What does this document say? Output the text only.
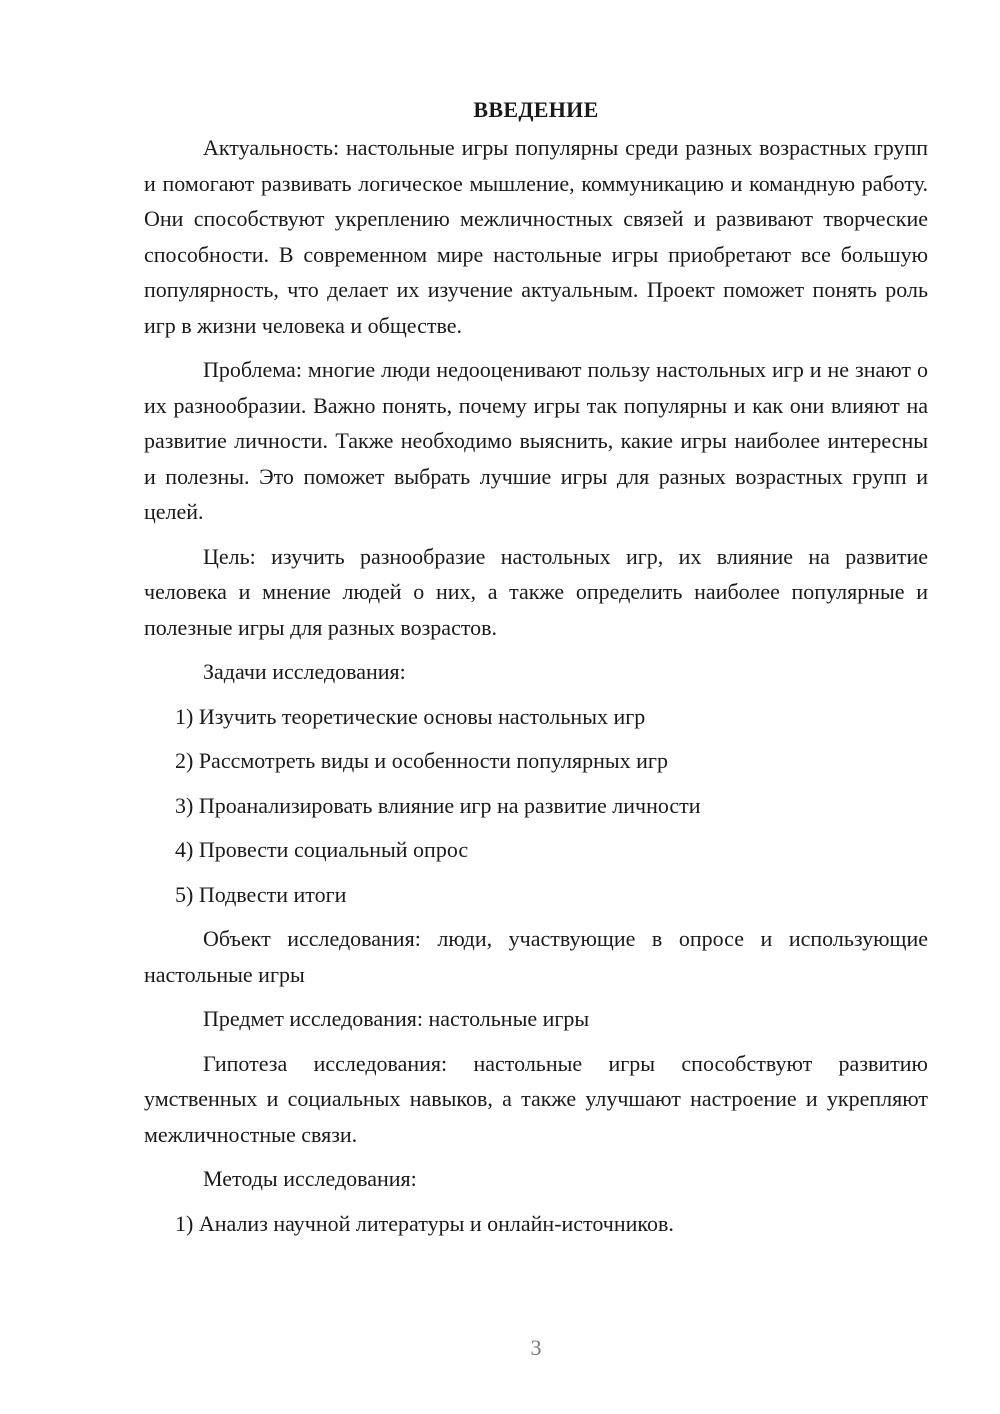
ВВЕДЕНИЕ

Актуальность: настольные игры популярны среди разных возрастных групп и помогают развивать логическое мышление, коммуникацию и командную работу. Они способствуют укреплению межличностных связей и развивают творческие способности. В современном мире настольные игры приобретают все большую популярность, что делает их изучение актуальным. Проект поможет понять роль игр в жизни человека и обществе.

Проблема: многие люди недооценивают пользу настольных игр и не знают о их разнообразии. Важно понять, почему игры так популярны и как они влияют на развитие личности. Также необходимо выяснить, какие игры наиболее интересны и полезны. Это поможет выбрать лучшие игры для разных возрастных групп и целей.

Цель: изучить разнообразие настольных игр, их влияние на развитие человека и мнение людей о них, а также определить наиболее популярные и полезные игры для разных возрастов.

Задачи исследования:

1) Изучить теоретические основы настольных игр

2) Рассмотреть виды и особенности популярных игр

3) Проанализировать влияние игр на развитие личности

4) Провести социальный опрос

5) Подвести итоги

Объект исследования: люди, участвующие в опросе и использующие настольные игры

Предмет исследования: настольные игры

Гипотеза исследования: настольные игры способствуют развитию умственных и социальных навыков, а также улучшают настроение и укрепляют межличностные связи.

Методы исследования:

1) Анализ научной литературы и онлайн-источников.

3
